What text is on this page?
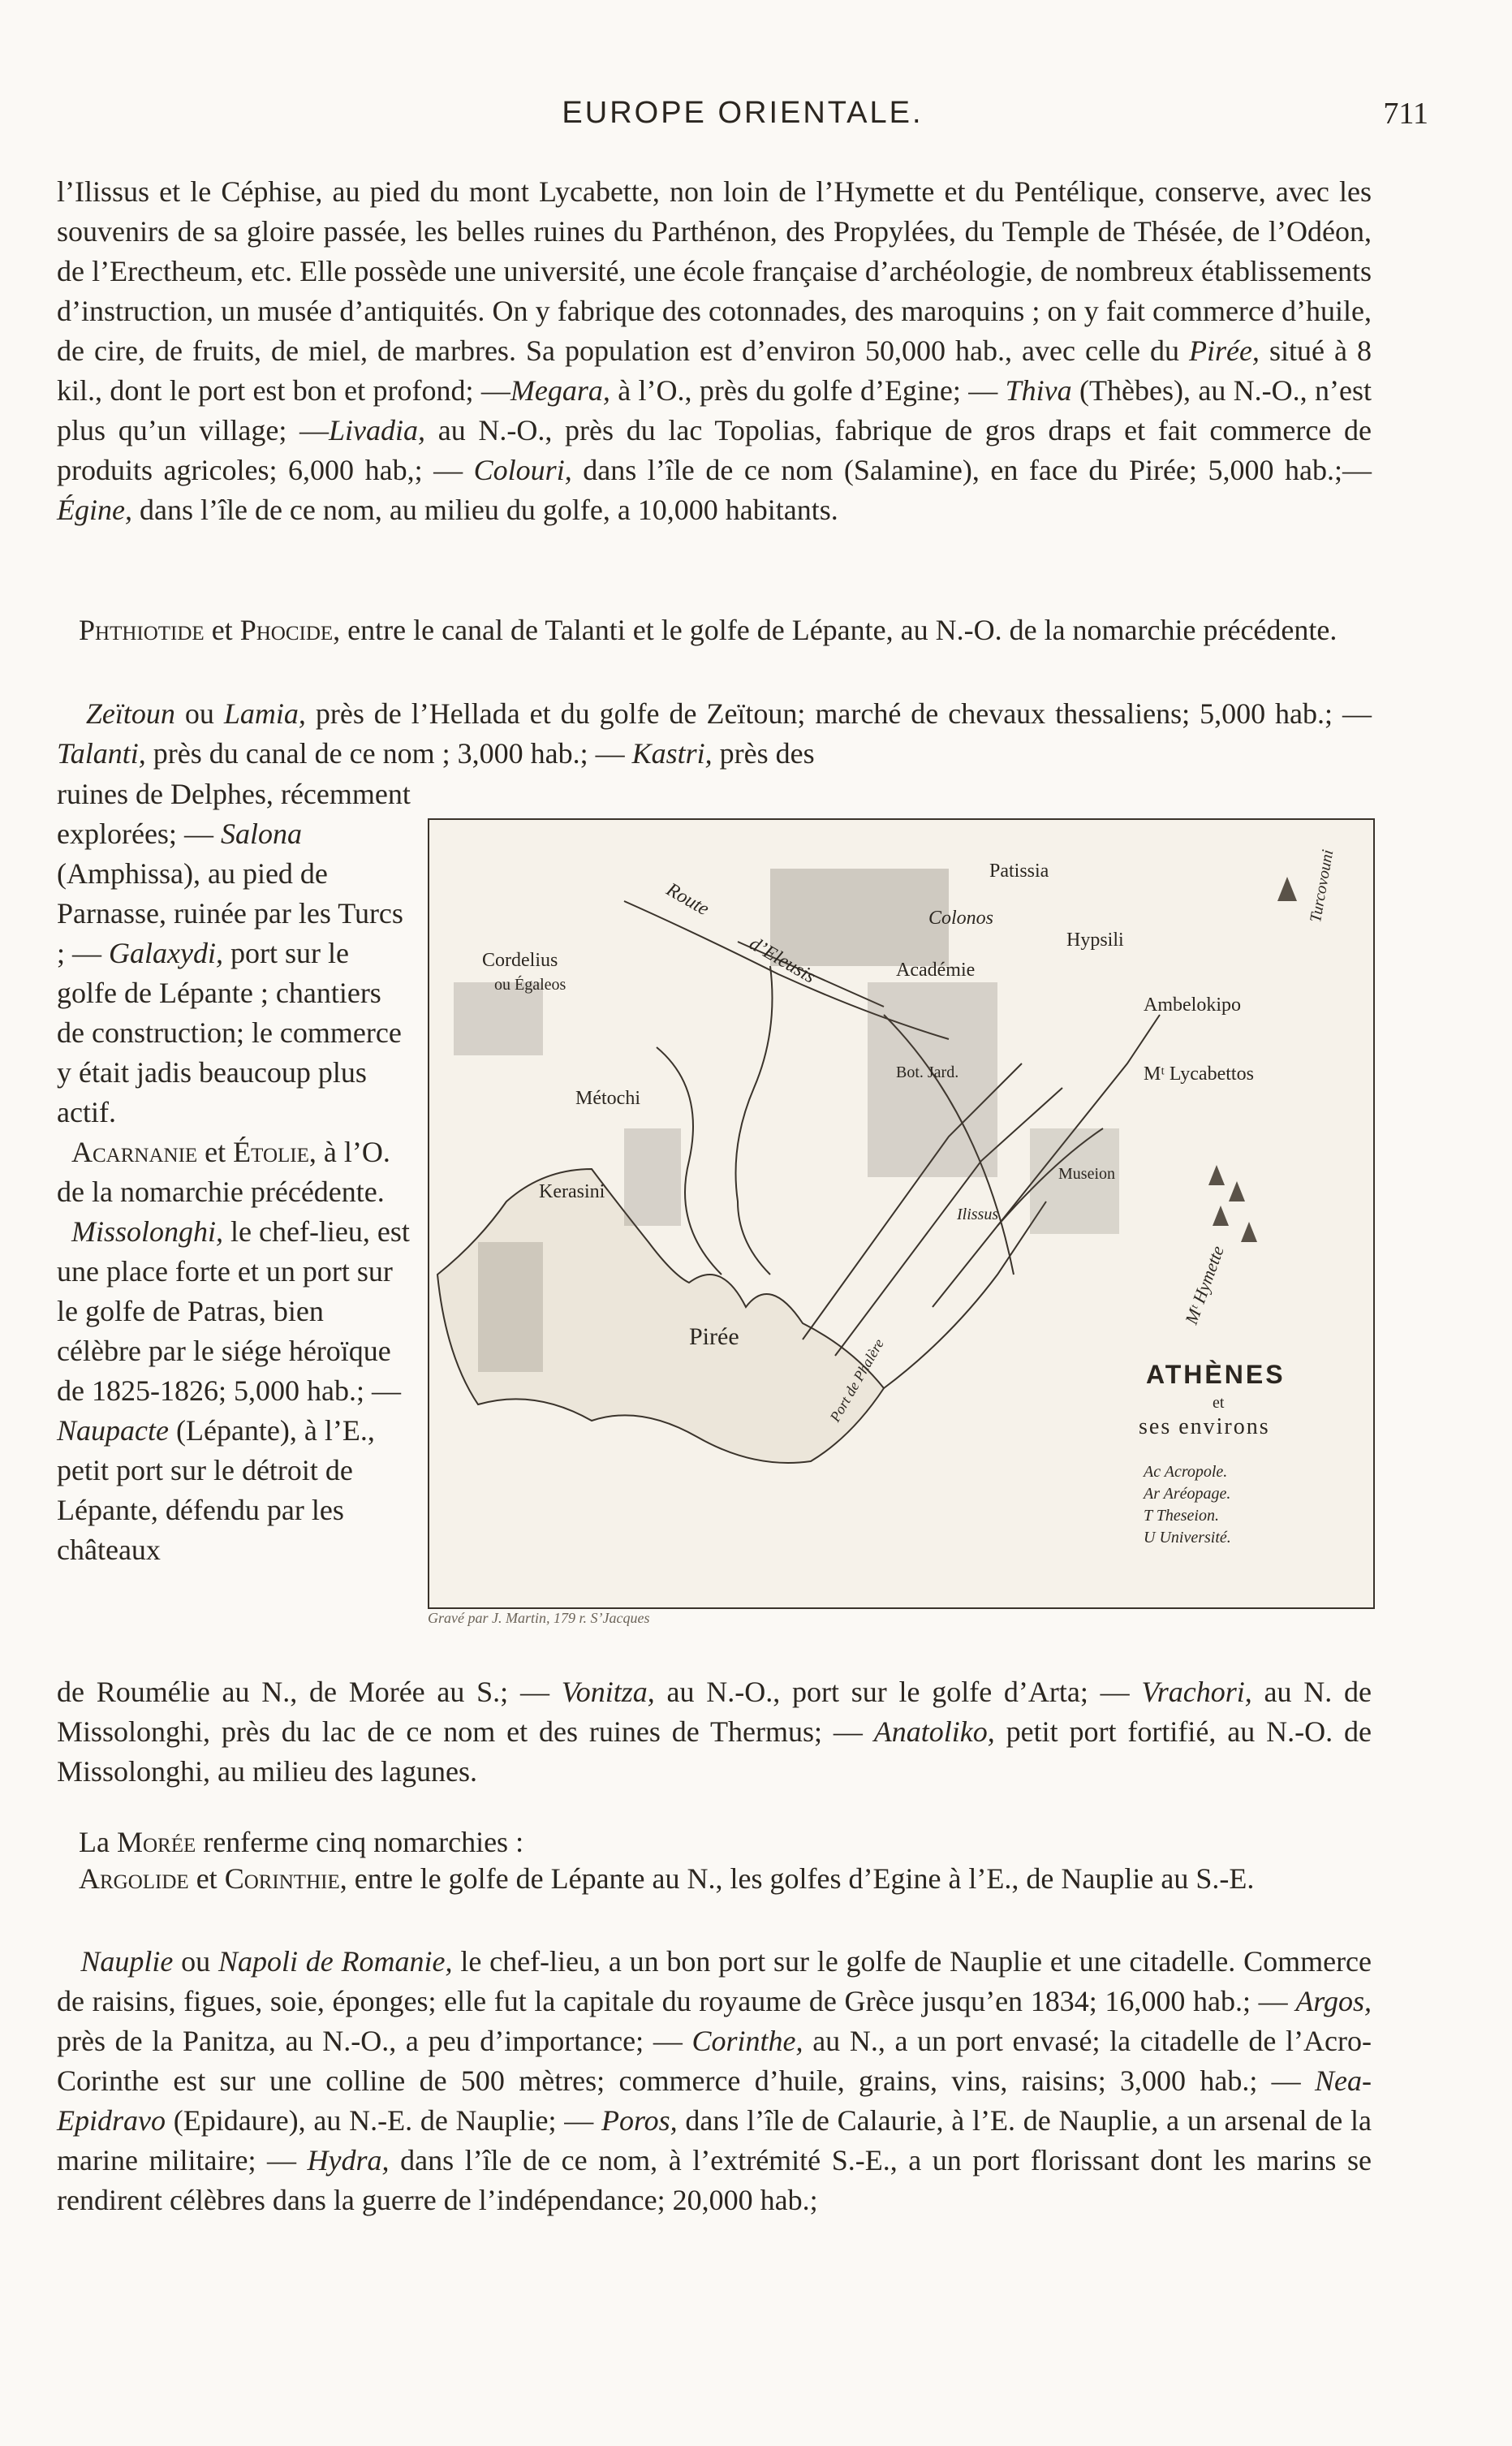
EUROPE ORIENTALE.	711

l’Ilissus et le Céphise, au pied du mont Lycabette, non loin de l’Hymette et du Pentélique, conserve, avec les souvenirs de sa gloire passée, les belles ruines du Parthénon, des Propylées, du Temple de Thésée, de l’Odéon, de l’Erectheum, etc. Elle possède une université, une école française d’archéologie, de nombreux établissements d’instruction, un musée d’antiquités. On y fabrique des cotonnades, des maroquins ; on y fait commerce d’huile, de cire, de fruits, de miel, de marbres. Sa population est d’environ 50,000 hab., avec celle du Pirée, situé à 8 kil., dont le port est bon et profond; —Megara, à l’O., près du golfe d’Egine; — Thiva (Thèbes), au N.-O., n’est plus qu’un village; —Livadia, au N.-O., près du lac Topolias, fabrique de gros draps et fait commerce de produits agricoles; 6,000 hab,; — Colouri, dans l’île de ce nom (Salamine), en face du Pirée; 5,000 hab.;—Égine, dans l’île de ce nom, au milieu du golfe, a 10,000 habitants.

Phthiotide et Phocide, entre le canal de Talanti et le golfe de Lépante, au N.-O. de la nomarchie précédente.

Zeïtoun ou Lamia, près de l’Hellada et du golfe de Zeïtoun; marché de chevaux thessaliens; 5,000 hab.; — Talanti, près du canal de ce nom ; 3,000 hab.; — Kastri, près des

ruines de Delphes, récemment explorées; — Salona (Amphissa), au pied de Parnasse, ruinée par les Turcs ; — Galaxydi, port sur le golfe de Lépante ; chantiers de construction; le commerce y était jadis beaucoup plus actif.
Acarnanie et Étolie, à l’O. de la nomarchie précédente.
Missolonghi, le chef-lieu, est une place forte et un port sur le golfe de Patras, bien célèbre par le siége héroïque de 1825-1826; 5,000 hab.; —Naupacte (Lépante), à l’E., petit port sur le détroit de Lépante, défendu par les châteaux

Patissia
Colonos
Hypsili
Ambelokipo
Académie
Cordelius
ou Égaleos
Métochi
Kerasini
Bot. Jard.	Mᵗ Lycabettos
Museion
Ilissus
Pirée	Port de Phalère
Mᵗ Hymette
Route
d’Eleusis
Turcovouni
ATHÈNES
et
ses environs
Ac Acropole.
Ar Aréopage.
T Theseion.
U Université.
Gravé par J. Martin, 179 r. S’Jacques

de Roumélie au N., de Morée au S.; — Vonitza, au N.-O., port sur le golfe d’Arta; — Vrachori, au N. de Missolonghi, près du lac de ce nom et des ruines de Thermus; — Anatoliko, petit port fortifié, au N.-O. de Missolonghi, au milieu des lagunes.

La Morée renferme cinq nomarchies :

Argolide et Corinthie, entre le golfe de Lépante au N., les golfes d’Egine à l’E., de Nauplie au S.-E.

Nauplie ou Napoli de Romanie, le chef-lieu, a un bon port sur le golfe de Nauplie et une citadelle. Commerce de raisins, figues, soie, éponges; elle fut la capitale du royaume de Grèce jusqu’en 1834; 16,000 hab.; — Argos, près de la Panitza, au N.-O., a peu d’importance; — Corinthe, au N., a un port envasé; la citadelle de l’Acro-Corinthe est sur une colline de 500 mètres; commerce d’huile, grains, vins, raisins; 3,000 hab.; — Nea-Epidravo (Epidaure), au N.-E. de Nauplie; — Poros, dans l’île de Calaurie, à l’E. de Nauplie, a un arsenal de la marine militaire; — Hydra, dans l’île de ce nom, à l’extrémité S.-E., a un port florissant dont les marins se rendirent célèbres dans la guerre de l’indépendance; 20,000 hab.;
